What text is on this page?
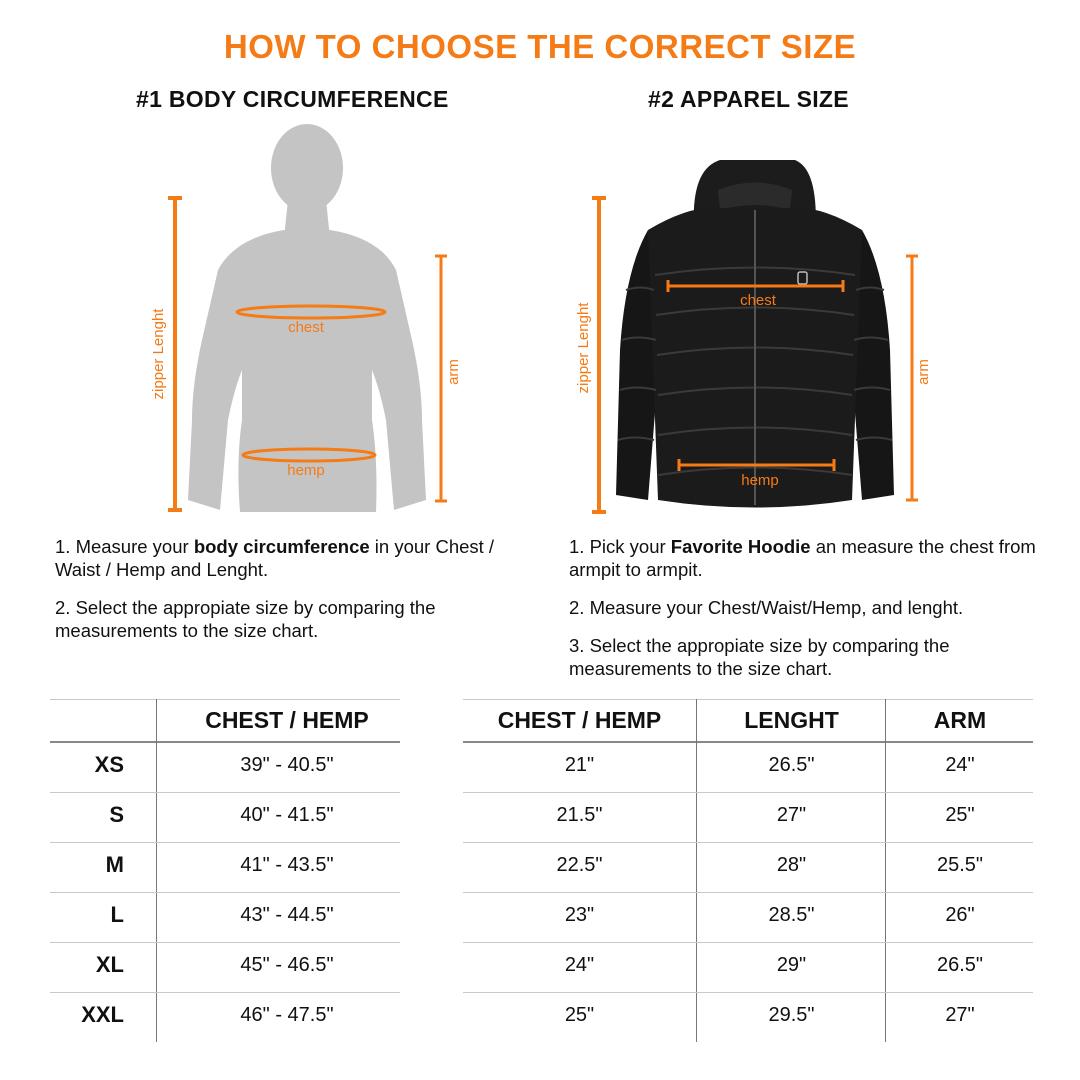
HOW TO CHOOSE THE CORRECT SIZE
#1 BODY CIRCUMFERENCE
chest
hemp
zipper Lenght	arm
1. Measure your body circumference in your Chest / Waist / Hemp and Lenght.
2. Select the appropiate size by comparing the measurements to the size chart.
#2 APPAREL SIZE
chest
hemp
zipper Lenght	arm
1. Pick your Favorite Hoodie an measure the chest from armpit to armpit.
2. Measure your Chest/Waist/Hemp, and lenght.
3. Select the appropiate size by comparing the measurements to the size chart.
CHEST / HEMP
XS	39" - 40.5"
S	40" - 41.5"
M	41" - 43.5"
L	43" - 44.5"
XL	45" - 46.5"
XXL	46" - 47.5"
CHEST / HEMP	LENGHT	ARM
21"	26.5"	24"
21.5"	27"	25"
22.5"	28"	25.5"
23"	28.5"	26"
24"	29"	26.5"
25"	29.5"	27"
